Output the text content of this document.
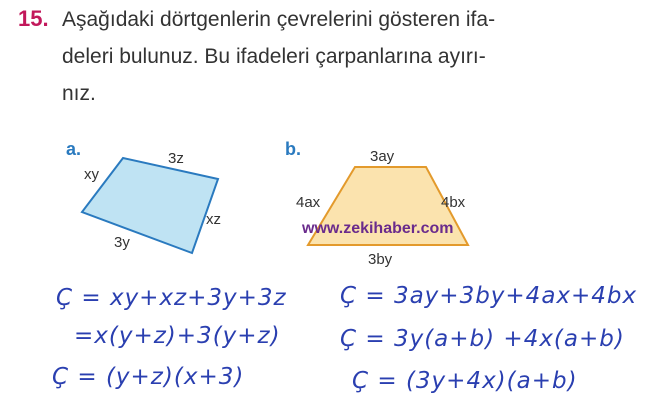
15. Aşağıdaki dörtgenlerin çevrelerini gösteren ifa-
deleri bulunuz. Bu ifadeleri çarpanlarına ayırı-
nız.
a.	3z
xy
xz
3y
b.	3ay
4ax	4bx
www.zekihaber.com
3by
Ç = xy+xz+3y+3z
=x(y+z)+3(y+z)
Ç = (y+z)(x+3)
Ç = 3ay+3by+4ax+4bx
Ç = 3y(a+b) +4x(a+b)
Ç = (3y+4x)(a+b)
